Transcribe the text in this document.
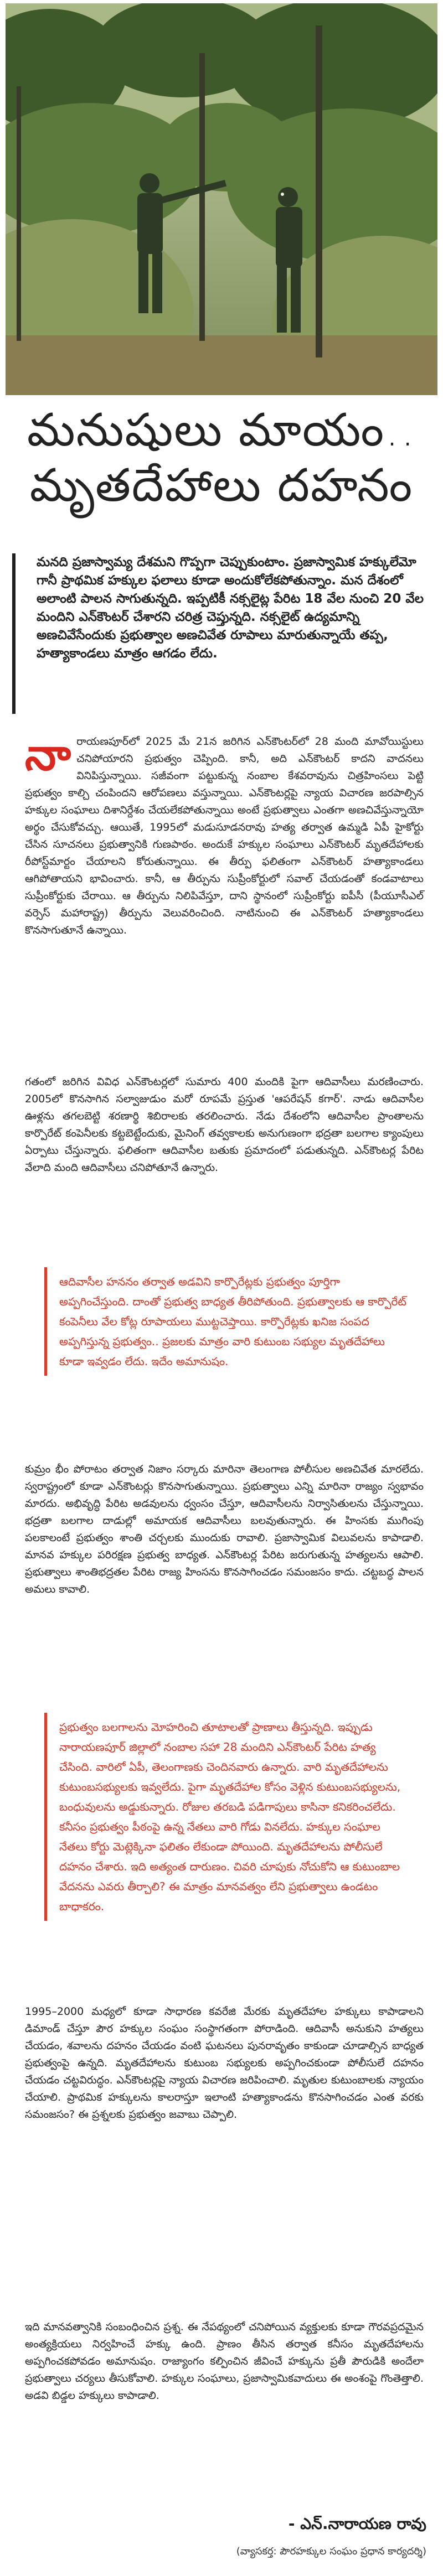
మనుషులు మాయం..
మృతదేహాలు దహనం

మనది ప్రజాస్వామ్య దేశమని గొప్పగా చెప్పుకుంటాం. ప్రజాస్వామిక హక్కులేమో గానీ ప్రాథమిక హక్కుల ఫలాలు కూడా అందుకోలేకపోతున్నాం. మన దేశంలో అలాంటి పాలన సాగుతున్నది. ఇప్పటికీ నక్సలైట్ల పేరిట 18 వేల నుంచి 20 వేల మందిని ఎన్‌కౌంటర్ చేశారని చరిత్ర చెప్తున్నది. నక్సలైట్ ఉద్యమాన్ని అణచివేసేందుకు ప్రభుత్వాల అణచివేత రూపాలు మారుతున్నాయే తప్ప, హత్యాకాండలు మాత్రం ఆగడం లేదు.

నా రాయణపూర్‌లో 2025 మే 21న జరిగిన ఎన్‌కౌంటర్‌లో 28 మంది మావోయిస్టులు చనిపోయారని ప్రభుత్వం చెప్పింది. కానీ, అది ఎన్‌కౌంటర్ కాదని వాదనలు వినిపిస్తున్నాయి. సజీవంగా పట్టుకున్న నంబాల కేశవరావును చిత్రహింసలు పెట్టి ప్రభుత్వం కాల్చి చంపిందని ఆరోపణలు వస్తున్నాయి. ఎన్‌కౌంటర్లపై న్యాయ విచారణ జరపాల్సిన హక్కుల సంఘాలు దిశానిర్దేశం చేయలేకపోతున్నాయి అంటే ప్రభుత్వాలు ఎంతగా అణచివేస్తున్నాయో అర్థం చేసుకోవచ్చు. ఆయితే, 1995లో మడుసూడనరావు హత్య తర్వాత ఉమ్మడి ఏపీ హైకోర్టు చేసిన సూచనలు ప్రభుత్వానికి గుణపాఠం. అందుకే హక్కుల సంఘాలు ఎన్‌కౌంటర్ మృతదేహాలకు రీపోస్ట్‌మార్టం చేయాలని కోరుతున్నాయి. ఈ తీర్పు ఫలితంగా ఎన్‌కౌంటర్ హత్యాకాండలు ఆగిపోతాయని భావించారు. కానీ, ఆ తీర్పును సుప్రీంకోర్టులో సవాల్ చేయడంతో కండవాటాలు సుప్రీంకోర్టుకు చేరాయి. ఆ తీర్పును నిలిపివేస్తూ, దాని స్థానంలో సుప్రీంకోర్టు ఐపీసీ (పీయూసీఎల్ వర్సెస్ మహారాష్ట్ర) తీర్పును వెలువరించింది. నాటినుంచి ఈ ఎన్‌కౌంటర్ హత్యాకాండలు కొనసాగుతూనే ఉన్నాయి.

గతంలో జరిగిన వివిధ ఎన్‌కౌంటర్లలో సుమారు 400 మందికి పైగా ఆదివాసీలు మరణించారు. 2005లో కొనసాగిన సల్వాజుడుం మరో రూపమే ప్రస్తుత 'ఆపరేషన్ కగార్'. నాడు ఆదివాసీల ఊళ్లను తగలబెట్టి శరణార్థి శిబిరాలకు తరలించారు. నేడు దేశంలోని ఆదివాసీల ప్రాంతాలను కార్పొరేట్ కంపెనీలకు కట్టబెట్టేందుకు, మైనింగ్ తవ్వకాలకు అనుగుణంగా భద్రతా బలగాల క్యాంపులు ఏర్పాటు చేస్తున్నారు. ఫలితంగా ఆదివాసీల బతుకు ప్రమాదంలో పడుతున్నది. ఎన్‌కౌంటర్ల పేరిట వేలాది మంది ఆదివాసీలు చనిపోతూనే ఉన్నారు.

ఆదివాసీల హననం తర్వాత అడవిని కార్పొరేట్లకు ప్రభుత్వం పూర్తిగా అప్పగించేస్తుంది. దాంతో ప్రభుత్వ బాధ్యత తీరిపోతుంది. ప్రభుత్వాలకు ఆ కార్పొరేట్ కంపెనీలు వేల కోట్ల రూపాయలు ముట్టచెప్తాయి. కార్పొరేట్లకు ఖనిజ సంపద అప్పగిస్తున్న ప్రభుత్వం.. ప్రజలకు మాత్రం వారి కుటుంబ సభ్యుల మృతదేహాలు కూడా ఇవ్వడం లేదు. ఇదేం అమానుషం.

కుమ్రం భీం పోరాటం తర్వాత నిజాం సర్కారు మారినా తెలంగాణ పోలీసుల అణచివేత మారలేదు. స్వరాష్ట్రంలో కూడా ఎన్‌కౌంటర్లు కొనసాగుతున్నాయి. ప్రభుత్వాలు ఎన్ని మారినా రాజ్యం స్వభావం మారదు. అభివృద్ధి పేరిట అడవులను ధ్వంసం చేస్తూ, ఆదివాసీలను నిర్వాసితులను చేస్తున్నాయి. భద్రతా బలగాల దాడుల్లో అమాయక ఆదివాసీలు బలవుతున్నారు. ఈ హింసకు ముగింపు పలకాలంటే ప్రభుత్వం శాంతి చర్చలకు ముందుకు రావాలి. ప్రజాస్వామిక విలువలను కాపాడాలి. మానవ హక్కుల పరిరక్షణ ప్రభుత్వ బాధ్యత. ఎన్‌కౌంటర్ల పేరిట జరుగుతున్న హత్యలను ఆపాలి. ప్రభుత్వాలు శాంతిభద్రతల పేరిట రాజ్య హింసను కొనసాగించడం సమంజసం కాదు. చట్టబద్ధ పాలన అమలు కావాలి.

ప్రభుత్వం బలగాలను మోహరించి తూటాలతో ప్రాణాలు తీస్తున్నది. ఇప్పుడు నారాయణపూర్ జిల్లాలో నంబాల సహా 28 మందిని ఎన్‌కౌంటర్ పేరిట హత్య చేసింది. వారిలో ఏపీ, తెలంగాణకు చెందినవారు ఉన్నారు. వారి మృతదేహాలను కుటుంబసభ్యులకు ఇవ్వలేదు. పైగా మృతదేహాల కోసం వెళ్లిన కుటుంబసభ్యులను, బంధువులను అడ్డుకున్నారు. రోజుల తరబడి పడిగాపులు కాసినా కనికరించలేదు. కనీసం ప్రభుత్వం పీఠంపై ఉన్న నేతలు వారి గోడు వినలేదు. హక్కుల సంఘాల నేతలు కోర్టు మెట్లెక్కినా ఫలితం లేకుండా పోయింది. మృతదేహాలను పోలీసులే దహనం చేశారు. ఇది అత్యంత దారుణం. చివరి చూపుకు నోచుకోని ఆ కుటుంబాల వేదనను ఎవరు తీర్చాలి? ఈ మాత్రం మానవత్వం లేని ప్రభుత్వాలు ఉండటం బాధాకరం.

1995–2000 మధ్యలో కూడా సాధారణ కవరేజి మేరకు మృతదేహాల హక్కులు కాపాడాలని డిమాండ్ చేస్తూ పౌర హక్కుల సంఘం సంస్థాగతంగా పోరాడింది. ఆదివాసీ అనుకుని హత్యలు చేయడం, శవాలను దహనం చేయడం వంటి ఘటనలు పునరావృతం కాకుండా చూడాల్సిన బాధ్యత ప్రభుత్వంపై ఉన్నది. మృతదేహాలను కుటుంబ సభ్యులకు అప్పగించకుండా పోలీసులే దహనం చేయడం చట్టవిరుద్ధం. ఎన్‌కౌంటర్లపై న్యాయ విచారణ జరిపించాలి. మృతుల కుటుంబాలకు న్యాయం చేయాలి. ప్రాథమిక హక్కులను కాలరాస్తూ ఇలాంటి హత్యాకాండను కొనసాగించడం ఎంత వరకు సమంజసం? ఈ ప్రశ్నలకు ప్రభుత్వం జవాబు చెప్పాలి.

ఇది మానవత్వానికి సంబంధించిన ప్రశ్న. ఈ నేపథ్యంలో చనిపోయిన వ్యక్తులకు కూడా గౌరవప్రదమైన అంత్యక్రియలు నిర్వహించే హక్కు ఉంది. ప్రాణం తీసిన తర్వాత కనీసం మృతదేహాలను అప్పగించకపోవడం అమానుషం. రాజ్యాంగం కల్పించిన జీవించే హక్కును ప్రతీ పౌరుడికి అందేలా ప్రభుత్వాలు చర్యలు తీసుకోవాలి. హక్కుల సంఘాలు, ప్రజాస్వామికవాదులు ఈ అంశంపై గొంతెత్తాలి. అడవి బిడ్డల హక్కులు కాపాడాలి.

- ఎన్.నారాయణ రావు
(వ్యాసకర్త: పౌరహక్కుల సంఘం ప్రధాన కార్యదర్శి)
